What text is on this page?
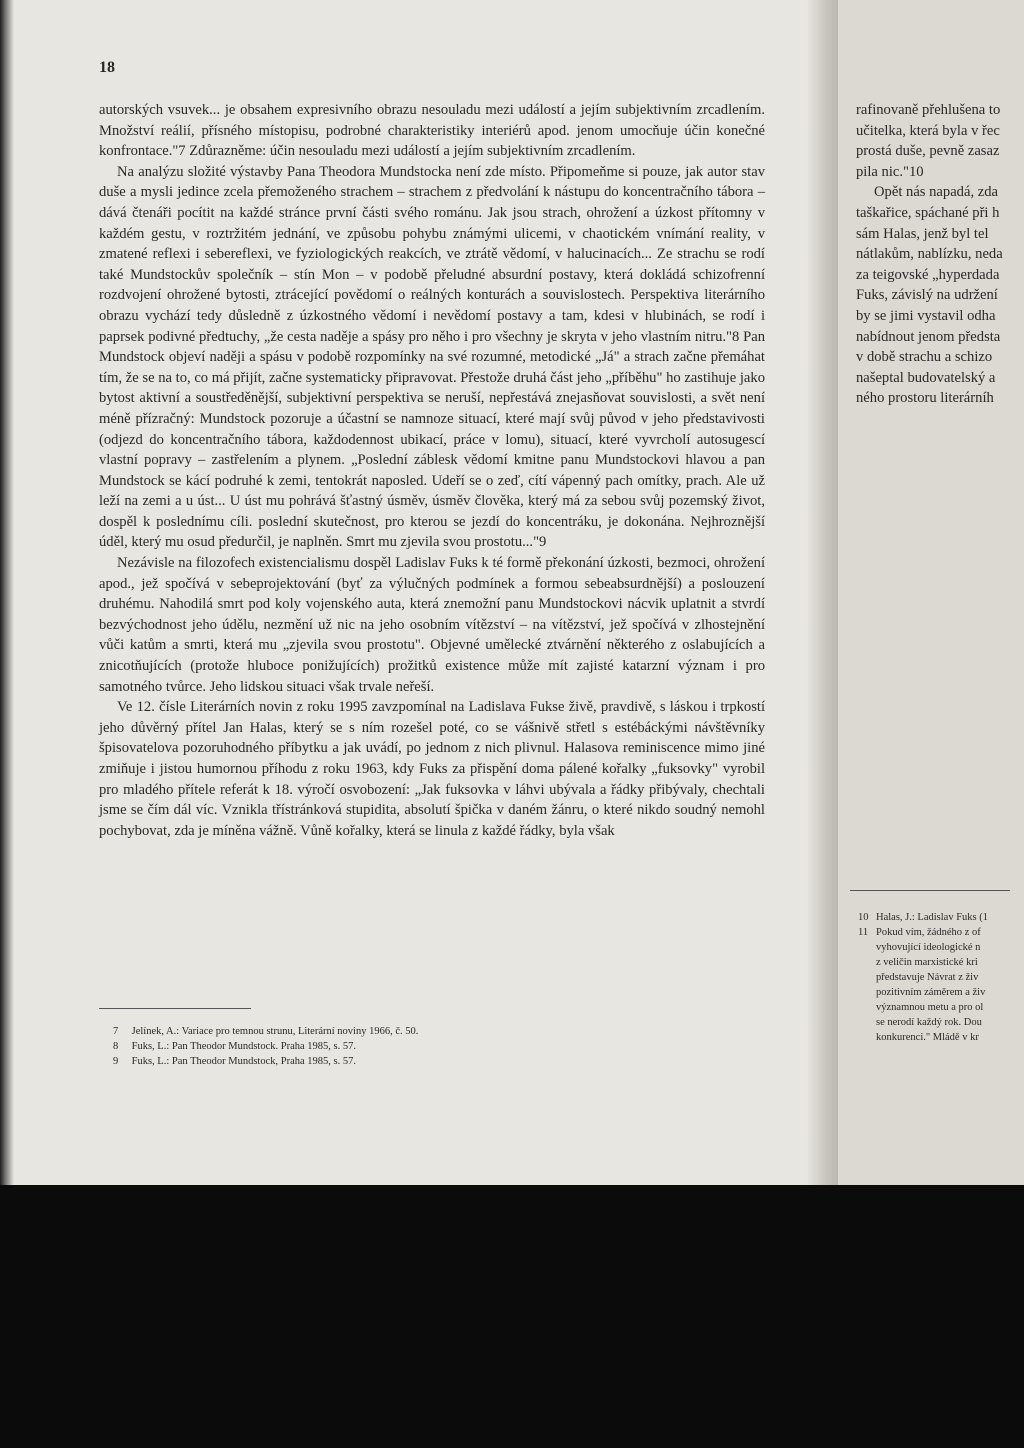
18

autorských vsuvek... je obsahem expresivního obrazu nesouladu mezi událostí a jejím subjektivním zrcadlením. Množství reálií, přísného místopisu, podrobné charakteristiky interiérů apod. jenom umocňuje účin konečné konfrontace."7 Zdůrazněme: účin nesouladu mezi událostí a jejím subjektivním zrcadlením.

Na analýzu složité výstavby Pana Theodora Mundstocka není zde místo. Připomeňme si pouze, jak autor stav duše a mysli jedince zcela přemoženého strachem – strachem z předvolání k nástupu do koncentračního tábora – dává čtenáři pocítit na každé stránce první části svého románu. Jak jsou strach, ohrožení a úzkost přítomny v každém gestu, v roztržitém jednání, ve způsobu pohybu známými ulicemi, v chaotickém vnímání reality, v zmatené reflexi i sebereflexi, ve fyziologických reakcích, ve ztrátě vědomí, v halucinacích... Ze strachu se rodí také Mundstockův společník – stín Mon – v podobě přeludné absurdní postavy, která dokládá schizofrenní rozdvojení ohrožené bytosti, ztrácející povědomí o reálných konturách a souvislostech. Perspektiva literárního obrazu vychází tedy důsledně z úzkostného vědomí i nevědomí postavy a tam, kdesi v hlubinách, se rodí i paprsek podivné předtuchy, „že cesta naděje a spásy pro něho i pro všechny je skryta v jeho vlastním nitru."8 Pan Mundstock objeví naději a spásu v podobě rozpomínky na své rozumné, metodické „Já" a strach začne přemáhat tím, že se na to, co má přijít, začne systematicky připravovat. Přestože druhá část jeho „příběhu" ho zastihuje jako bytost aktivní a soustředěnější, subjektivní perspektiva se neruší, nepřestává znejasňovat souvislosti, a svět není méně přízračný: Mundstock pozoruje a účastní se namnoze situací, které mají svůj původ v jeho představivosti (odjezd do koncentračního tábora, každodennost ubikací, práce v lomu), situací, které vyvrcholí autosugescí vlastní popravy – zastřelením a plynem. „Poslední záblesk vědomí kmitne panu Mundstockovi hlavou a pan Mundstock se kácí podruhé k zemi, tentokrát naposled. Udeří se o zeď, cítí vápenný pach omítky, prach. Ale už leží na zemi a u úst... U úst mu pohrává šťastný úsměv, úsměv člověka, který má za sebou svůj pozemský život, dospěl k poslednímu cíli. poslední skutečnost, pro kterou se jezdí do koncentráku, je dokonána. Nejhroznější úděl, který mu osud předurčil, je naplněn. Smrt mu zjevila svou prostotu..."9

Nezávisle na filozofech existencialismu dospěl Ladislav Fuks k té formě překonání úzkosti, bezmoci, ohrožení apod., jež spočívá v sebeprojektování (byť za výlučných podmínek a formou sebeabsurdnější) a poslouzení druhému. Nahodilá smrt pod koly vojenského auta, která znemožní panu Mundstockovi nácvik uplatnit a stvrdí bezvýchodnost jeho údělu, nezmění už nic na jeho osobním vítězství – na vítězství, jež spočívá v zlhostejnění vůči katům a smrti, která mu „zjevila svou prostotu". Objevné umělecké ztvárnění některého z oslabujících a znicotňujících (protože hluboce ponižujících) prožitků existence může mít zajisté katarzní význam i pro samotného tvůrce. Jeho lidskou situaci však trvale neřeší.

Ve 12. čísle Literárních novin z roku 1995 zavzpomínal na Ladislava Fukse živě, pravdivě, s láskou i trpkostí jeho důvěrný přítel Jan Halas, který se s ním rozešel poté, co se vášnivě střetl s estébáckými návštěvníky špisovatelova pozoruhodného příbytku a jak uvádí, po jednom z nich plivnul. Halasova reminiscence mimo jiné zmiňuje i jistou humornou příhodu z roku 1963, kdy Fuks za přispění doma pálené kořalky „fuksovky" vyrobil pro mladého přítele referát k 18. výročí osvobození: „Jak fuksovka v láhvi ubývala a řádky přibývaly, chechtali jsme se čím dál víc. Vznikla třístránková stupidita, absolutí špička v daném žánru, o které nikdo soudný nemohl pochybovat, zda je míněna vážně. Vůně kořalky, která se linula z každé řádky, byla však

7 Jelínek, A.: Variace pro temnou strunu, Literární noviny 1966, č. 50.
8 Fuks, L.: Pan Theodor Mundstock. Praha 1985, s. 57.
9 Fuks, L.: Pan Theodor Mundstock, Praha 1985, s. 57.
rafinovaně přehlušena to
učitelka, která byla v řec
prostá duše, pevně zasaz
pila nic."10
Opět nás napadá, zda
taškařice, spáchané při h
sám Halas, jenž byl tel
nátlakům, nablízku, neda
za teigovské „hyperdada
Fuks, závislý na udržení
by se jimi vystavil odha
nabídnout jenom předsta
v době strachu a schizo
našeptal budovatelský a
ného prostoru literárníh
10 Halas, J.: Ladislav Fuks (1
11 Pokud vím, žádného z of
vyhovující ideologické n
z veličin marxistické kri
představuje Návrat z živ
pozitivním záměrem a živ
významnou metu a pro ol
se nerodí každý rok. Dou
konkurenci." Mládě v kr
